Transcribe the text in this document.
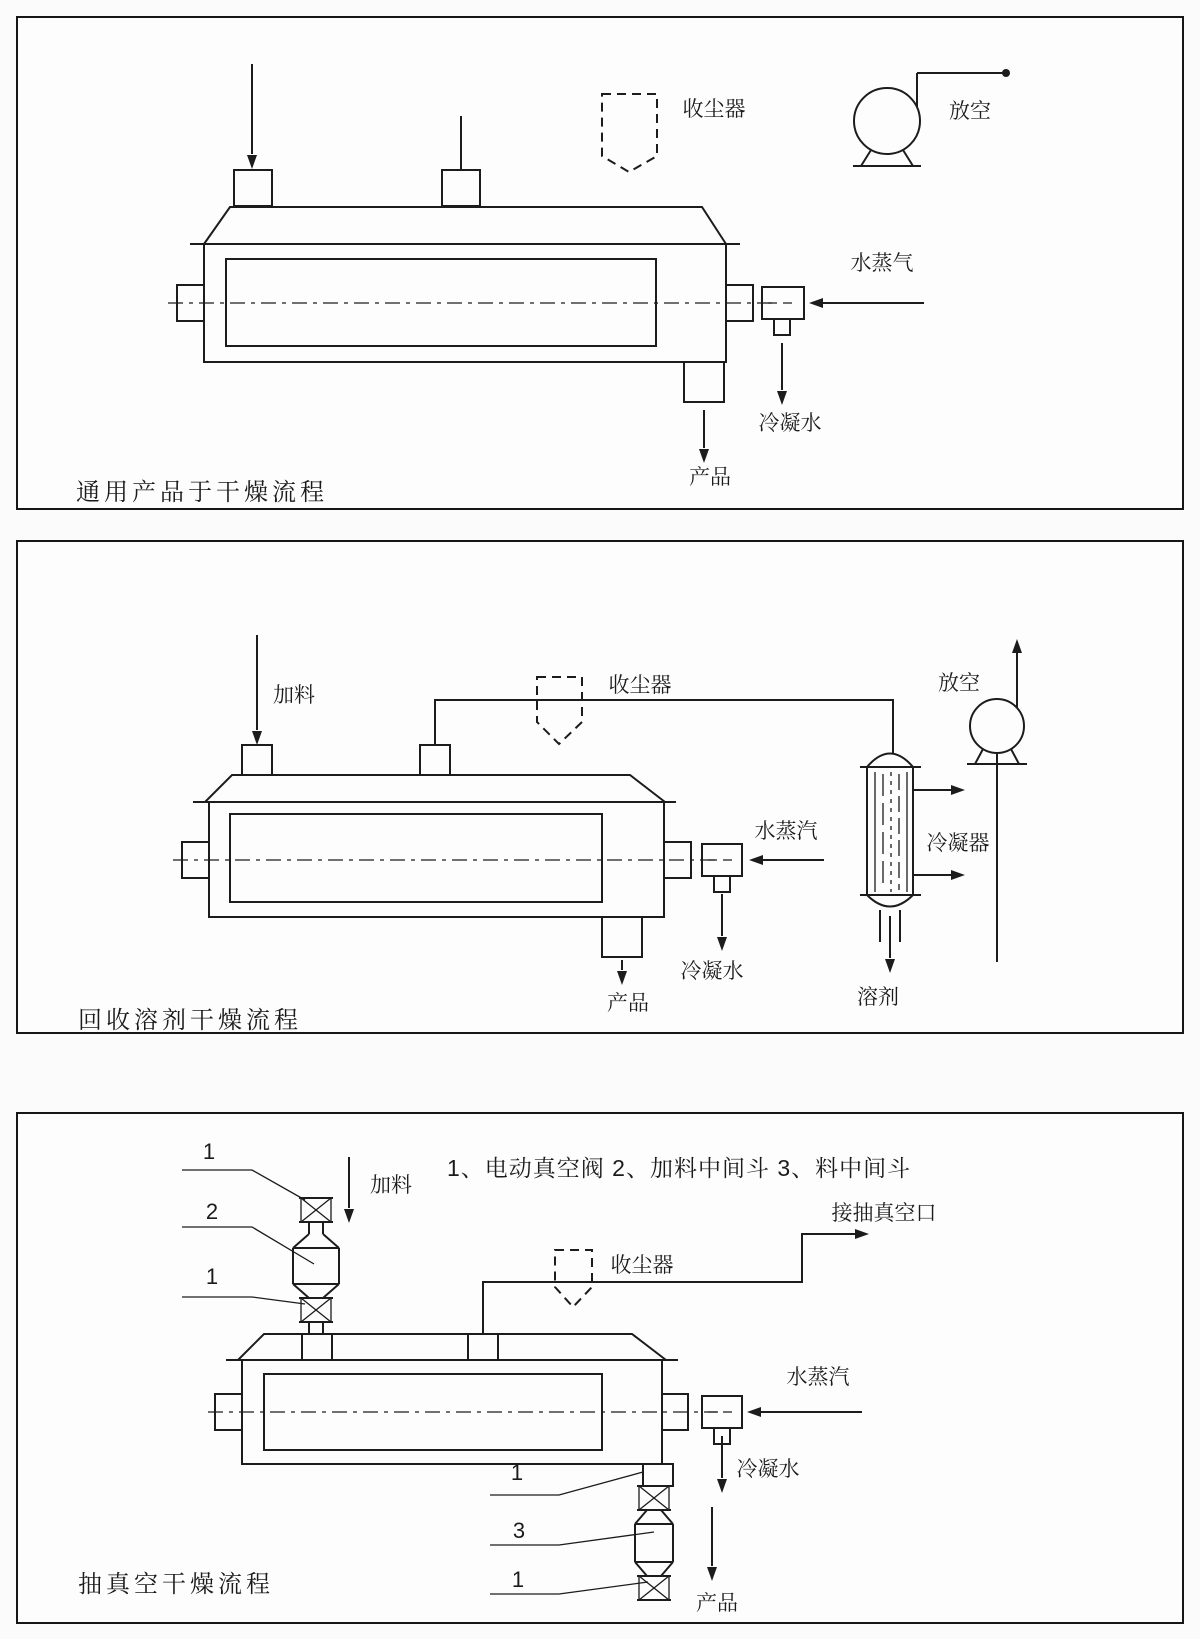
产品
水蒸气
冷凝水
收尘器	放空
通用产品于干燥流程
加料	收尘器
产品
水蒸汽
冷凝水
冷凝器
溶剂
放空
回收溶剂干燥流程
1、电动真空阀 2、加料中间斗 3、料中间斗
1
2
1
加料
接抽真空口
收尘器
水蒸汽
冷凝水
产品
1
3
1
抽真空干燥流程
